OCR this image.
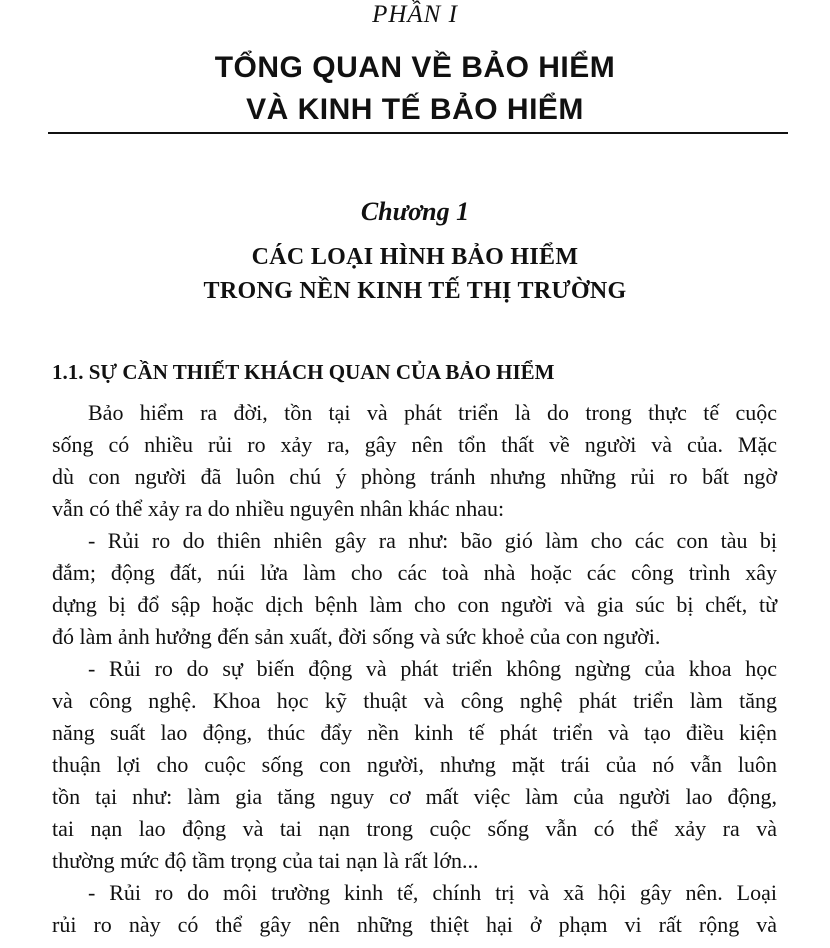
PHẦN I
TỔNG QUAN VỀ BẢO HIỂM
VÀ KINH TẾ BẢO HIỂM
Chương 1
CÁC LOẠI HÌNH BẢO HIỂM
TRONG NỀN KINH TẾ THỊ TRƯỜNG
1.1. SỰ CẦN THIẾT KHÁCH QUAN CỦA BẢO HIỂM
Bảo hiểm ra đời, tồn tại và phát triển là do trong thực tế cuộc
sống có nhiều rủi ro xảy ra, gây nên tổn thất về người và của. Mặc
dù con người đã luôn chú ý phòng tránh nhưng những rủi ro bất ngờ
vẫn có thể xảy ra do nhiều nguyên nhân khác nhau:
- Rủi ro do thiên nhiên gây ra như: bão gió làm cho các con tàu bị
đắm; động đất, núi lửa làm cho các toà nhà hoặc các công trình xây
dựng bị đổ sập hoặc dịch bệnh làm cho con người và gia súc bị chết, từ
đó làm ảnh hưởng đến sản xuất, đời sống và sức khoẻ của con người.
- Rủi ro do sự biến động và phát triển không ngừng của khoa học
và công nghệ. Khoa học kỹ thuật và công nghệ phát triển làm tăng
năng suất lao động, thúc đẩy nền kinh tế phát triển và tạo điều kiện
thuận lợi cho cuộc sống con người, nhưng mặt trái của nó vẫn luôn
tồn tại như: làm gia tăng nguy cơ mất việc làm của người lao động,
tai nạn lao động và tai nạn trong cuộc sống vẫn có thể xảy ra và
thường mức độ tầm trọng của tai nạn là rất lớn...
- Rủi ro do môi trường kinh tế, chính trị và xã hội gây nên. Loại
rủi ro này có thể gây nên những thiệt hại ở phạm vi rất rộng và
